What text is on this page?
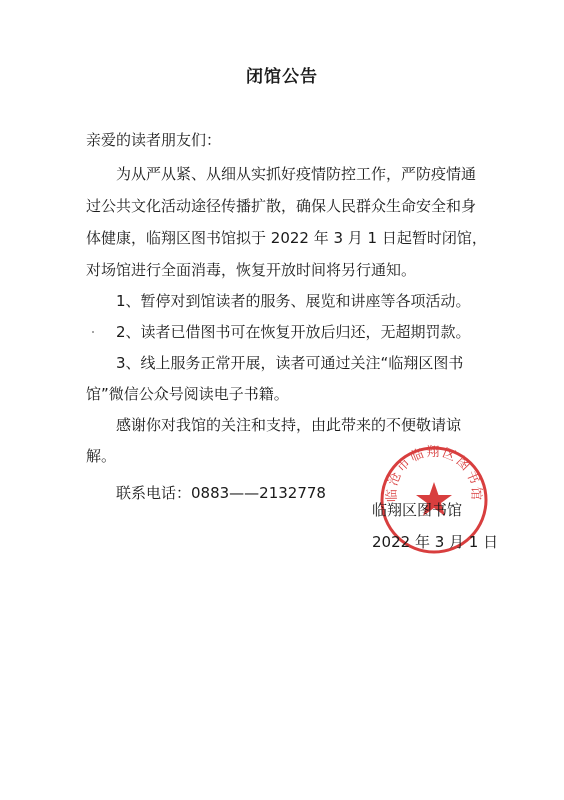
闭馆公告
亲爱的读者朋友们：
为从严从紧、从细从实抓好疫情防控工作，严防疫情通
过公共文化活动途径传播扩散，确保人民群众生命安全和身
体健康，临翔区图书馆拟于 2022 年 3 月 1 日起暂时闭馆，
对场馆进行全面消毒，恢复开放时间将另行通知。
1、暂停对到馆读者的服务、展览和讲座等各项活动。
2、读者已借图书可在恢复开放后归还，无超期罚款。
3、线上服务正常开展，读者可通过关注“临翔区图书
馆”微信公众号阅读电子书籍。
感谢你对我馆的关注和支持，由此带来的不便敬请谅
解。
联系电话：0883——2132778	临沧市临翔区图书馆
临翔区图书馆
2022 年 3 月 1 日
